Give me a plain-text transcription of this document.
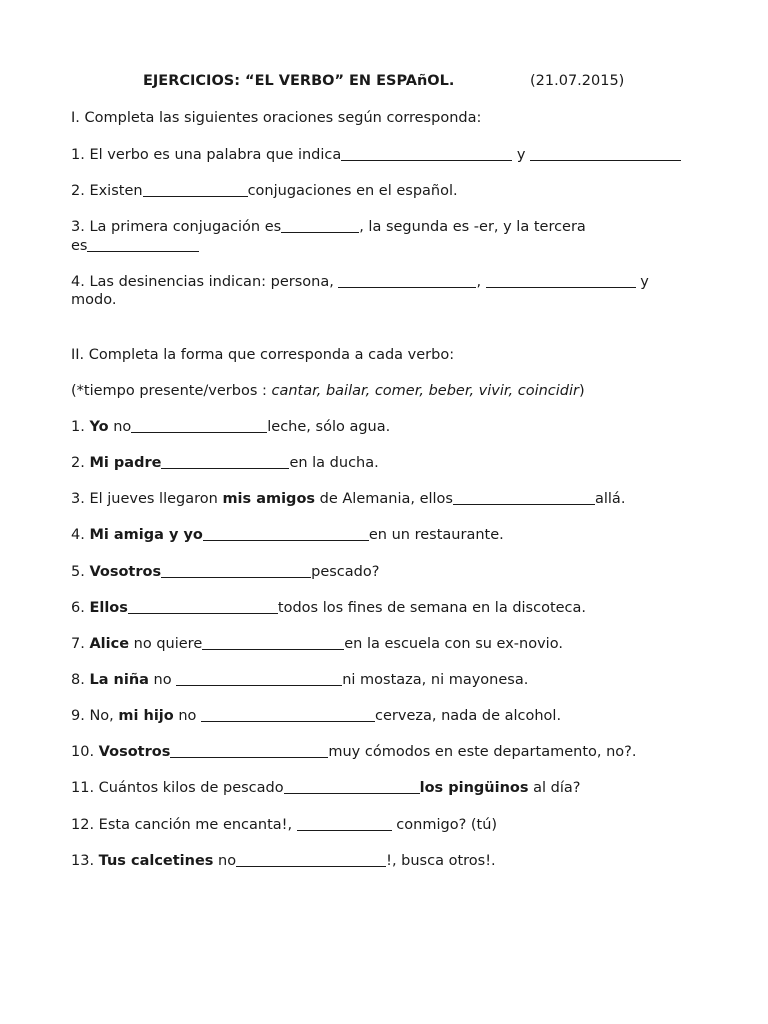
EJERCICIOS: “EL VERBO” EN ESPAñOL.	(21.07.2015)
I. Completa las siguientes oraciones según corresponda:
1. El verbo es una palabra que indica	y
2. Existen	conjugaciones en el español.
3. La primera conjugación es	, la segunda es -er, y la tercera
es
4. Las desinencias indican: persona,	,	y
modo.
II. Completa la forma que corresponda a cada verbo:
(*tiempo presente/verbos : cantar, bailar, comer, beber, vivir, coincidir)
1. Yo no	leche, sólo agua.
2. Mi padre	en la ducha.
3. El jueves llegaron mis amigos de Alemania, ellos	allá.
4. Mi amiga y yo	en un restaurante.
5. Vosotros	pescado?
6. Ellos	todos los fines de semana en la discoteca.
7. Alice no quiere	en la escuela con su ex-novio.
8. La niña no	ni mostaza, ni mayonesa.
9. No, mi hijo no	cerveza, nada de alcohol.
10. Vosotros	muy cómodos en este departamento, no?.
11. Cuántos kilos de pescado	los pingüinos al día?
12. Esta canción me encanta!,	conmigo? (tú)
13. Tus calcetines no	!, busca otros!.
